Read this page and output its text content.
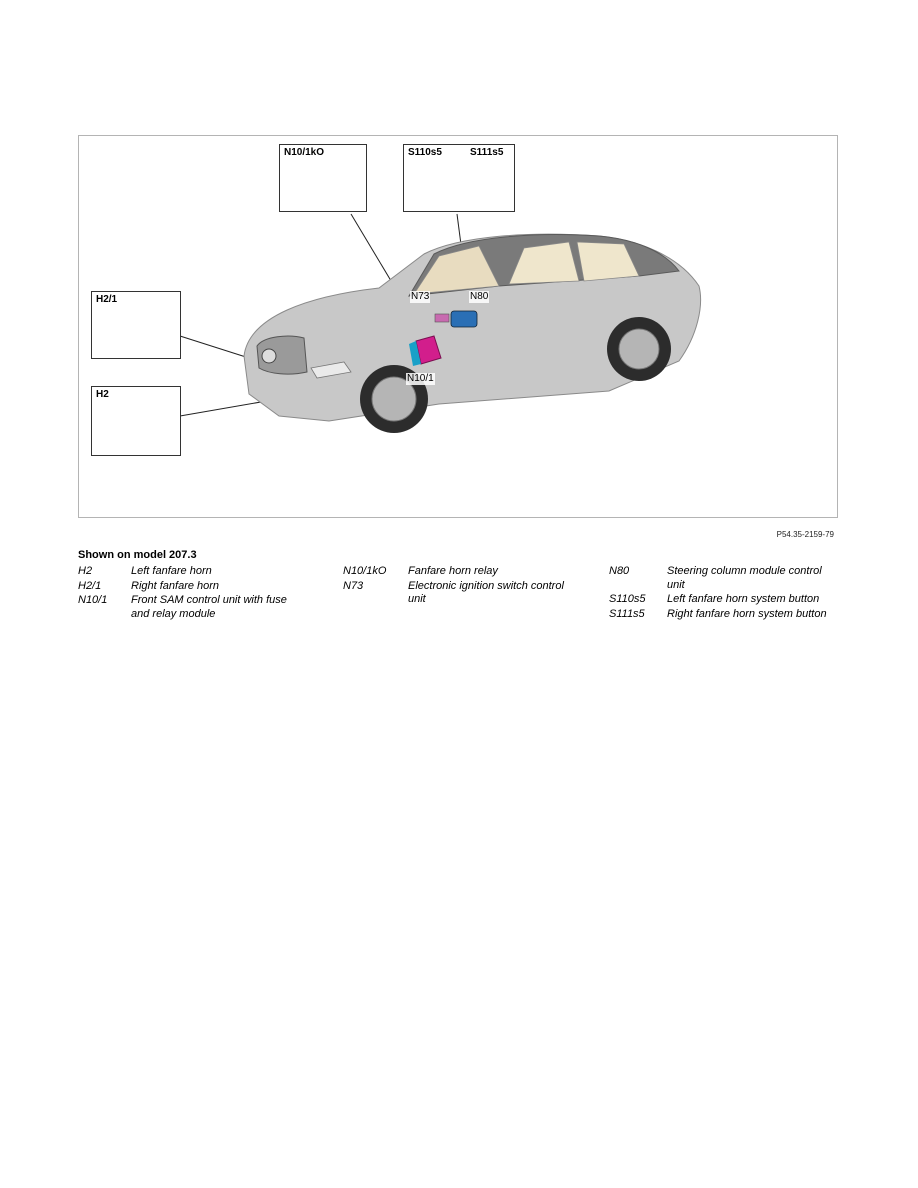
N10/1kO	S110s5	S111s5
H2/1
H2
N73	N80
N10/1
P54.35-2159-79
Shown on model 207.3
H2	Left fanfare horn
H2/1	Right fanfare horn
N10/1	Front SAM control unit with fuse and relay module
N10/1kO	Fanfare horn relay
N73	Electronic ignition switch control unit
N80	Steering column module control unit
S110s5	Left fanfare horn system button
S111s5	Right fanfare horn system button
